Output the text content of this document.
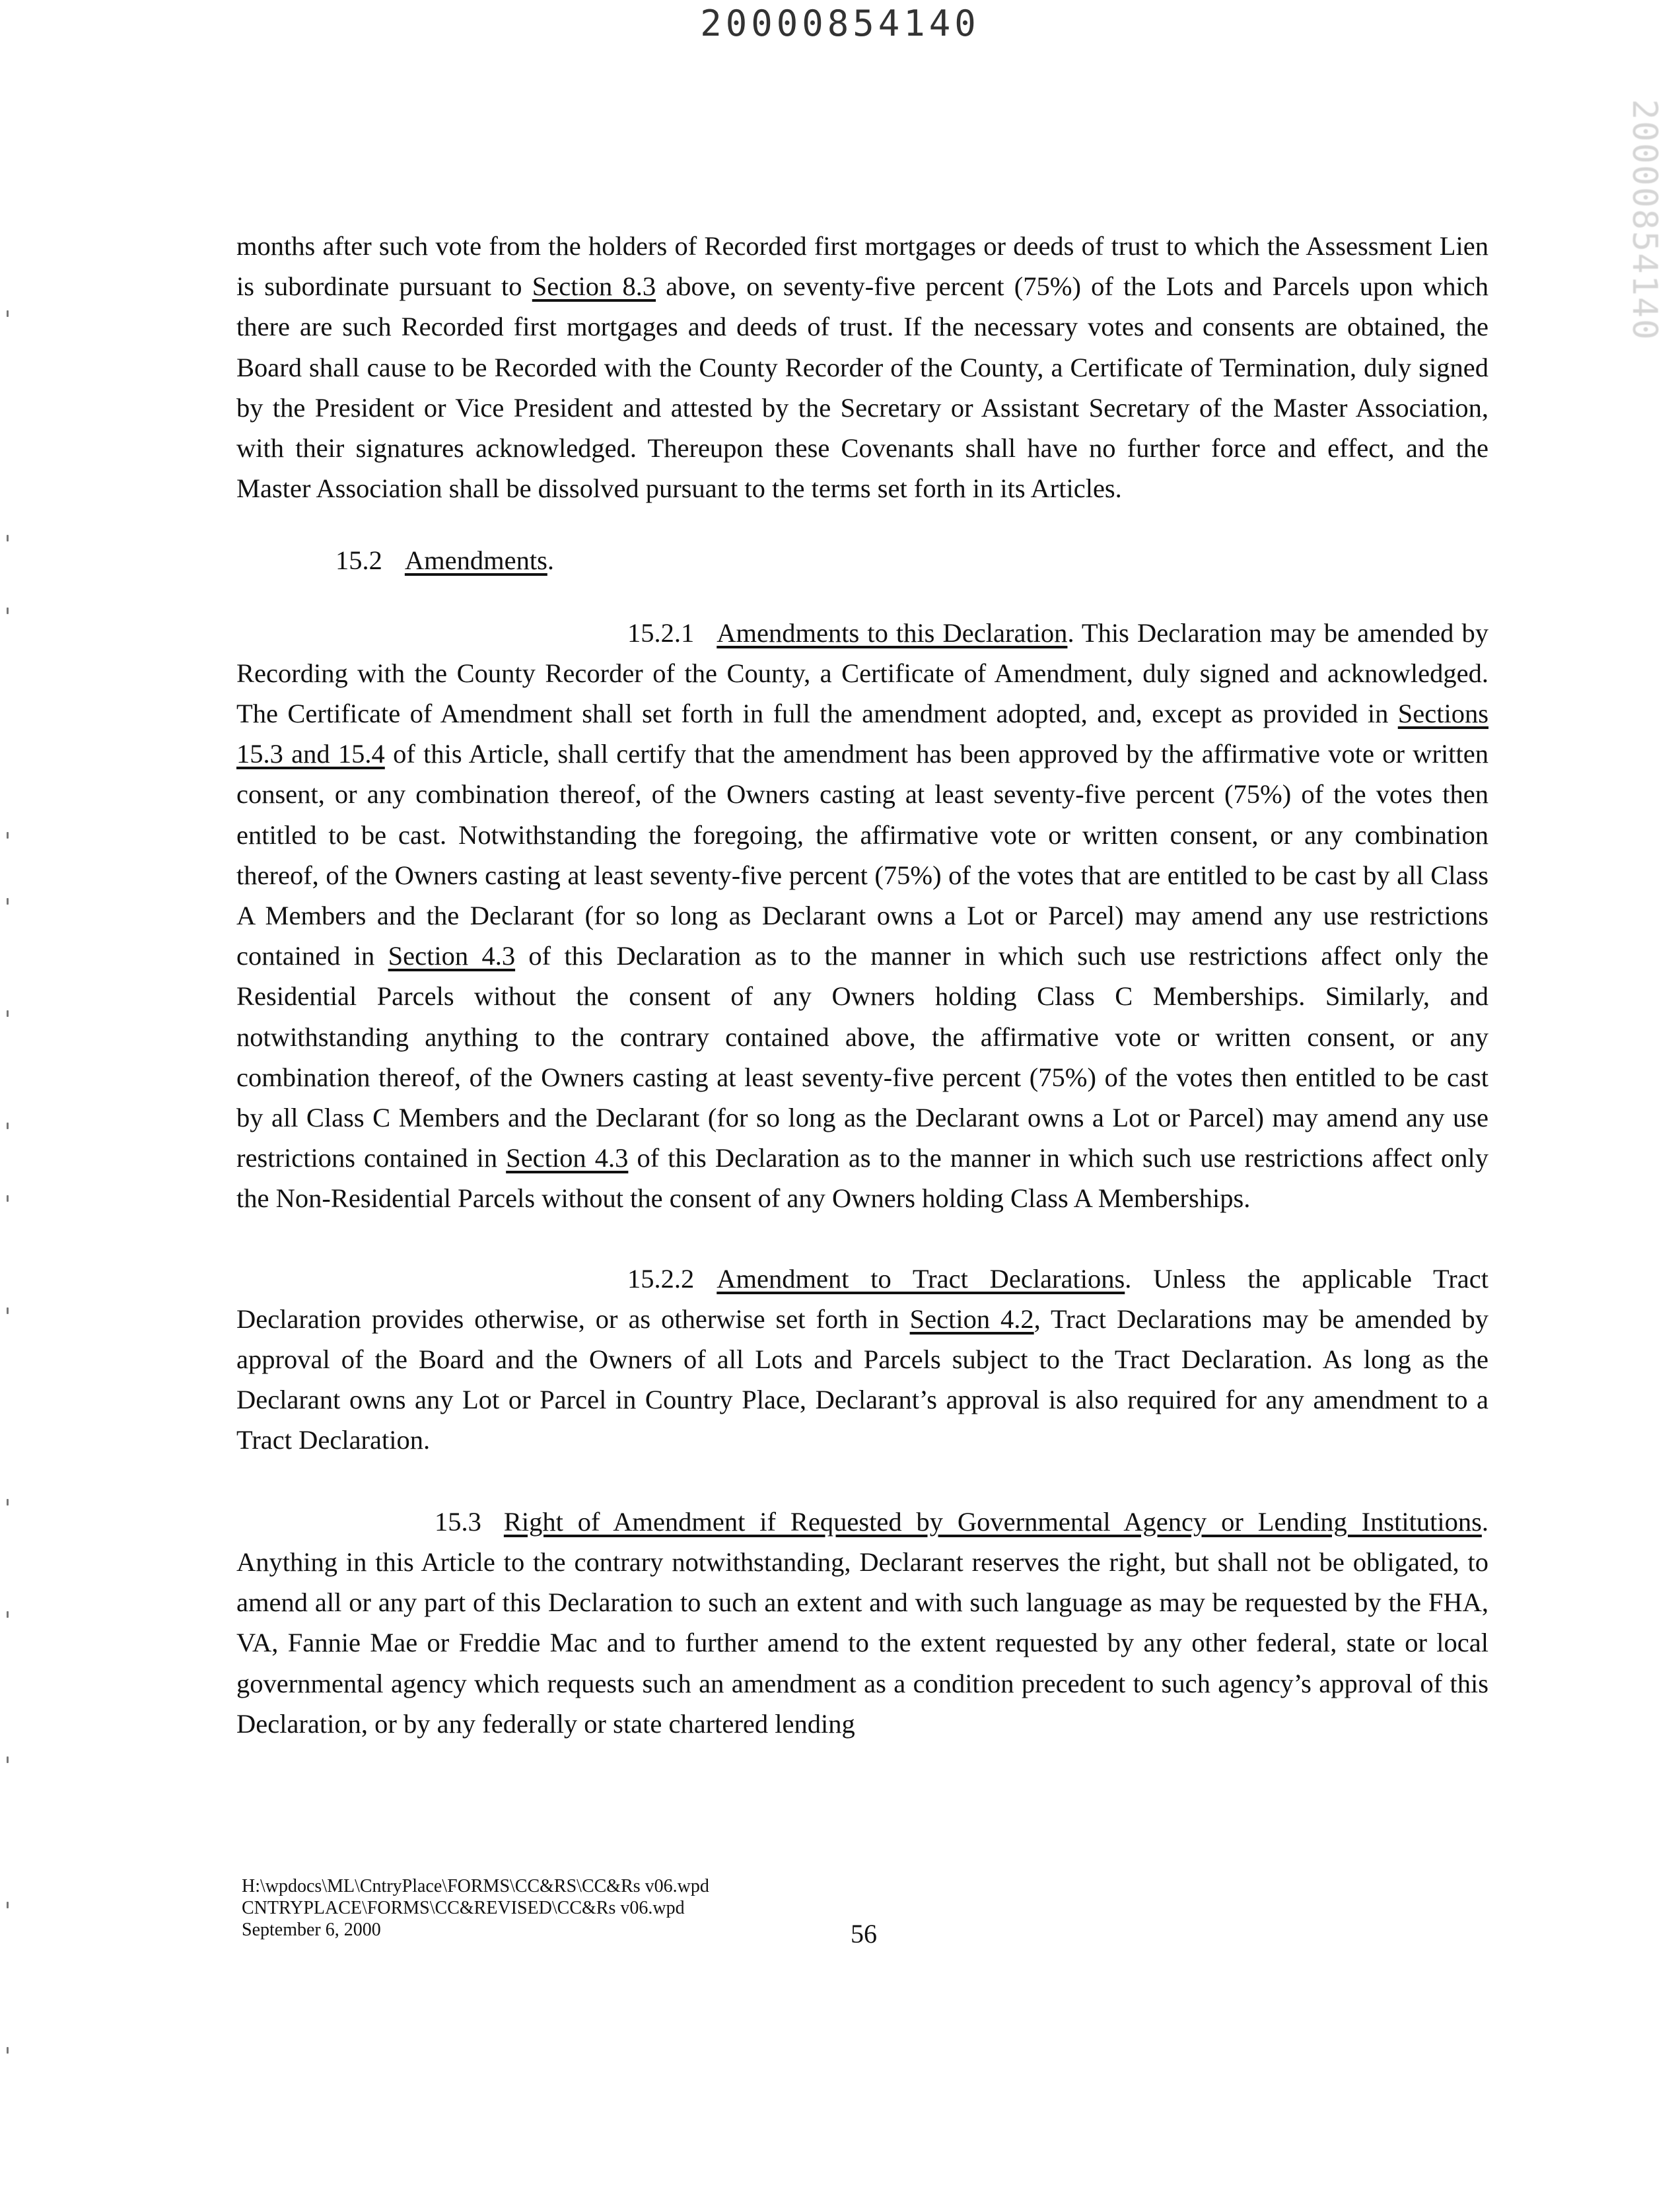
20000854140
20000854140

months after such vote from the holders of Recorded first mortgages or deeds of trust to which the Assessment Lien is subordinate pursuant to Section 8.3 above, on seventy-five percent (75%) of the Lots and Parcels upon which there are such Recorded first mortgages and deeds of trust. If the necessary votes and consents are obtained, the Board shall cause to be Recorded with the County Recorder of the County, a Certificate of Termination, duly signed by the President or Vice President and attested by the Secretary or Assistant Secretary of the Master Association, with their signatures acknowledged. Thereupon these Covenants shall have no further force and effect, and the Master Association shall be dissolved pursuant to the terms set forth in its Articles.

15.2 Amendments.

15.2.1 Amendments to this Declaration. This Declaration may be amended by Recording with the County Recorder of the County, a Certificate of Amendment, duly signed and acknowledged. The Certificate of Amendment shall set forth in full the amendment adopted, and, except as provided in Sections 15.3 and 15.4 of this Article, shall certify that the amendment has been approved by the affirmative vote or written consent, or any combination thereof, of the Owners casting at least seventy-five percent (75%) of the votes then entitled to be cast. Notwithstanding the foregoing, the affirmative vote or written consent, or any combination thereof, of the Owners casting at least seventy-five percent (75%) of the votes that are entitled to be cast by all Class A Members and the Declarant (for so long as Declarant owns a Lot or Parcel) may amend any use restrictions contained in Section 4.3 of this Declaration as to the manner in which such use restrictions affect only the Residential Parcels without the consent of any Owners holding Class C Memberships. Similarly, and notwithstanding anything to the contrary contained above, the affirmative vote or written consent, or any combination thereof, of the Owners casting at least seventy-five percent (75%) of the votes then entitled to be cast by all Class C Members and the Declarant (for so long as the Declarant owns a Lot or Parcel) may amend any use restrictions contained in Section 4.3 of this Declaration as to the manner in which such use restrictions affect only the Non-Residential Parcels without the consent of any Owners holding Class A Memberships.

15.2.2 Amendment to Tract Declarations. Unless the applicable Tract Declaration provides otherwise, or as otherwise set forth in Section 4.2, Tract Declarations may be amended by approval of the Board and the Owners of all Lots and Parcels subject to the Tract Declaration. As long as the Declarant owns any Lot or Parcel in Country Place, Declarant’s approval is also required for any amendment to a Tract Declaration.

15.3 Right of Amendment if Requested by Governmental Agency or Lending Institutions. Anything in this Article to the contrary notwithstanding, Declarant reserves the right, but shall not be obligated, to amend all or any part of this Declaration to such an extent and with such language as may be requested by the FHA, VA, Fannie Mae or Freddie Mac and to further amend to the extent requested by any other federal, state or local governmental agency which requests such an amendment as a condition precedent to such agency’s approval of this Declaration, or by any federally or state chartered lending

H:\wpdocs\ML\CntryPlace\FORMS\CC&RS\CC&Rs v06.wpd
CNTRYPLACE\FORMS\CC&REVISED\CC&Rs v06.wpd
September 6, 2000	56
